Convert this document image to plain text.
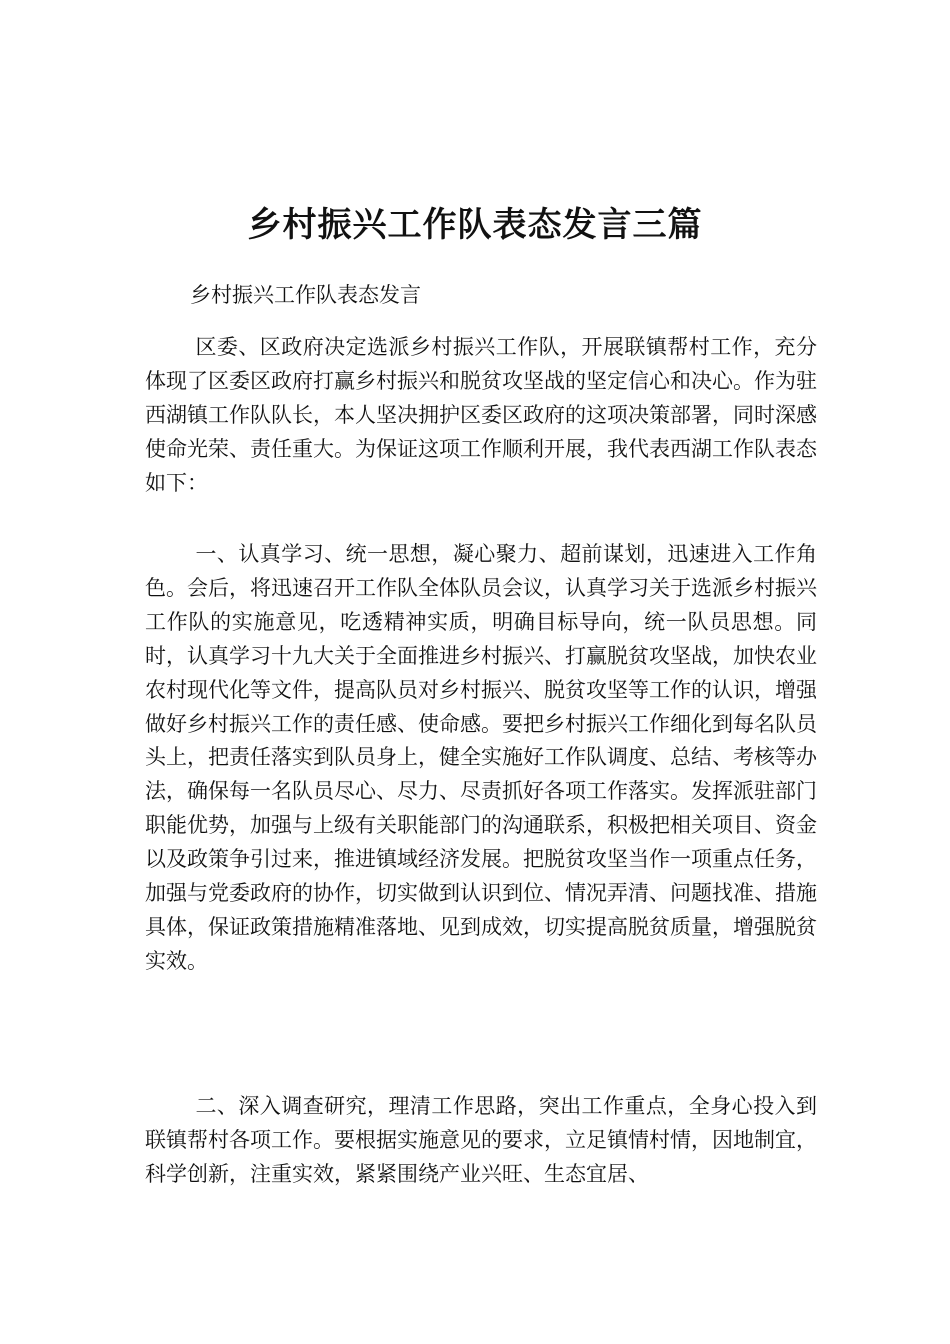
乡村振兴工作队表态发言三篇

乡村振兴工作队表态发言

区委、区政府决定选派乡村振兴工作队，开展联镇帮村工作，充分体现了区委区政府打赢乡村振兴和脱贫攻坚战的坚定信心和决心。作为驻西湖镇工作队队长，本人坚决拥护区委区政府的这项决策部署，同时深感使命光荣、责任重大。为保证这项工作顺利开展，我代表西湖工作队表态如下：

一、认真学习、统一思想，凝心聚力、超前谋划，迅速进入工作角色。会后，将迅速召开工作队全体队员会议，认真学习关于选派乡村振兴工作队的实施意见，吃透精神实质，明确目标导向，统一队员思想。同时，认真学习十九大关于全面推进乡村振兴、打赢脱贫攻坚战，加快农业农村现代化等文件，提高队员对乡村振兴、脱贫攻坚等工作的认识，增强做好乡村振兴工作的责任感、使命感。要把乡村振兴工作细化到每名队员头上，把责任落实到队员身上，健全实施好工作队调度、总结、考核等办法，确保每一名队员尽心、尽力、尽责抓好各项工作落实。发挥派驻部门职能优势，加强与上级有关职能部门的沟通联系，积极把相关项目、资金以及政策争引过来，推进镇域经济发展。把脱贫攻坚当作一项重点任务，加强与党委政府的协作，切实做到认识到位、情况弄清、问题找准、措施具体，保证政策措施精准落地、见到成效，切实提高脱贫质量，增强脱贫实效。

二、深入调查研究，理清工作思路，突出工作重点，全身心投入到联镇帮村各项工作。要根据实施意见的要求，立足镇情村情，因地制宜，科学创新，注重实效，紧紧围绕产业兴旺、生态宜居、
